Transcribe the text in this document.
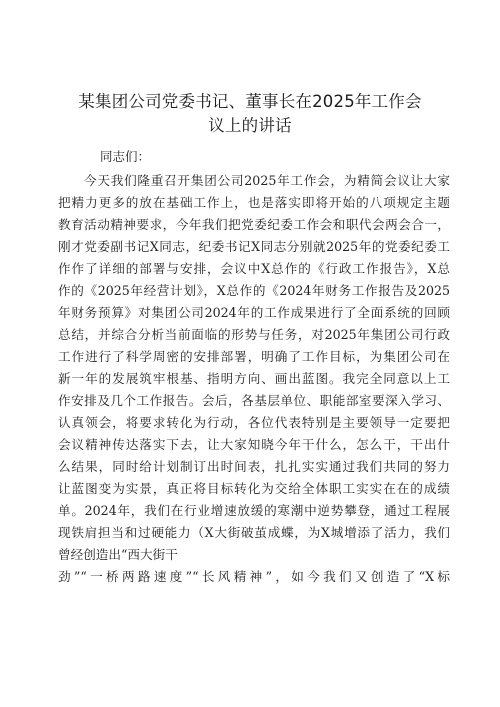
某集团公司党委书记、董事长在2025年工作会
议上的讲话
同志们：
今天我们隆重召开集团公司2025年工作会，为精简会议让大家
把精力更多的放在基础工作上，也是落实即将开始的八项规定主题
教育活动精神要求，今年我们把党委纪委工作会和职代会两会合一，
刚才党委副书记X同志，纪委书记X同志分别就2025年的党委纪委工
作作了详细的部署与安排，会议中X总作的《行政工作报告》，X总
作的《2025年经营计划》，X总作的《2024年财务工作报告及2025
年财务预算》对集团公司2024年的工作成果进行了全面系统的回顾
总结，并综合分析当前面临的形势与任务，对2025年集团公司行政
工作进行了科学周密的安排部署，明确了工作目标，为集团公司在
新一年的发展筑牢根基、指明方向、画出蓝图。我完全同意以上工
作安排及几个工作报告。会后，各基层单位、职能部室要深入学习、
认真领会，将要求转化为行动，各位代表特别是主要领导一定要把
会议精神传达落实下去，让大家知晓今年干什么，怎么干，干出什
么结果，同时给计划制订出时间表，扎扎实实通过我们共同的努力
让蓝图变为实景，真正将目标转化为交给全体职工实实在在的成绩
单。2024年，我们在行业增速放缓的寒潮中逆势攀登，通过工程展
现铁肩担当和过硬能力（X大街破茧成蝶，为X城增添了活力，我们
曾经创造出“西大街干
劲”“一桥两路速度”“长风精神”，如今我们又创造了“X标
